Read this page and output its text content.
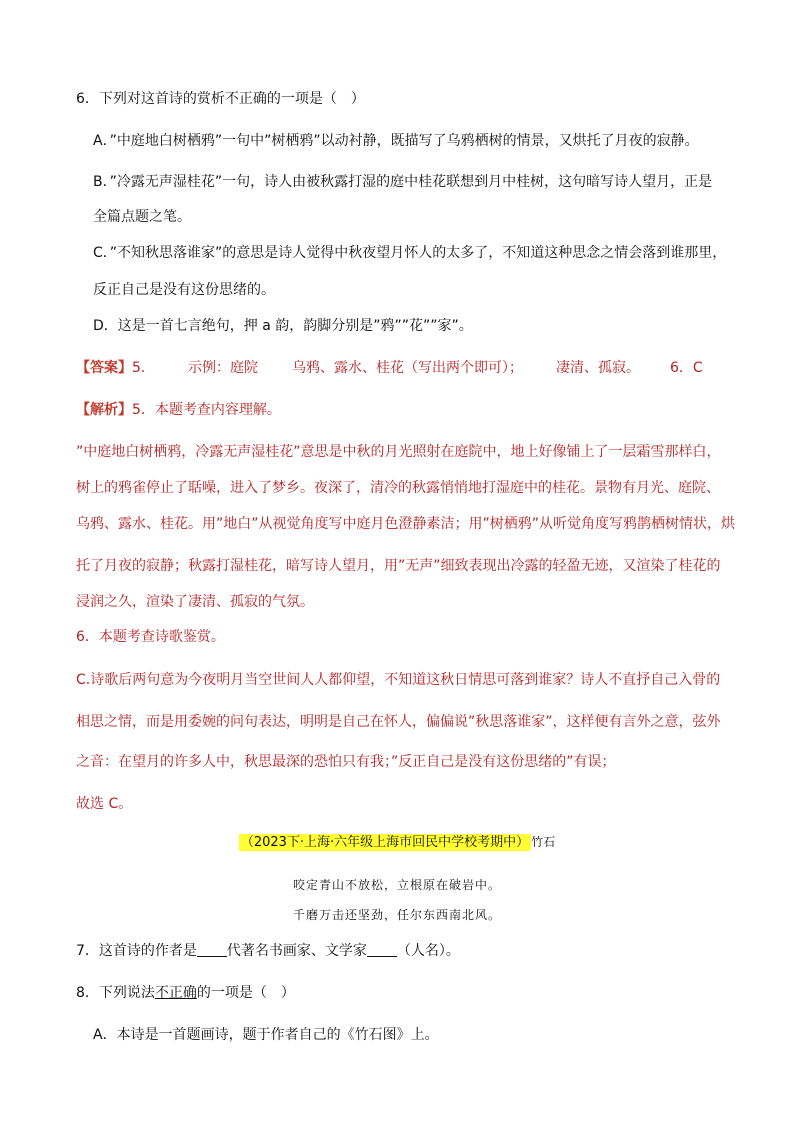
6．下列对这首诗的赏析不正确的一项是（　）
A．”中庭地白树栖鸦”一句中”树栖鸦”以动衬静，既描写了乌鸦栖树的情景，又烘托了月夜的寂静。
B．”冷露无声湿桂花”一句，诗人由被秋露打湿的庭中桂花联想到月中桂树，这句暗写诗人望月，正是
全篇点题之笔。
C．”不知秋思落谁家”的意思是诗人觉得中秋夜望月怀人的太多了，不知道这种思念之情会落到谁那里，
反正自己是没有这份思绪的。
D．这是一首七言绝句，押 a 韵，韵脚分别是”鸦””花””家”。
【答案】5.	示例：庭院 乌鸦、露水、桂花（写出两个即可）； 凄清、孤寂。 6．C
【解析】5．本题考查内容理解。
”中庭地白树栖鸦，冷露无声湿桂花”意思是中秋的月光照射在庭院中，地上好像铺上了一层霜雪那样白，
树上的鸦雀停止了聒噪，进入了梦乡。夜深了，清冷的秋露悄悄地打湿庭中的桂花。景物有月光、庭院、
乌鸦、露水、桂花。用”地白”从视觉角度写中庭月色澄静素洁；用”树栖鸦”从听觉角度写鸦鹊栖树情状，烘
托了月夜的寂静；秋露打湿桂花，暗写诗人望月，用”无声”细致表现出冷露的轻盈无迹，又渲染了桂花的
浸润之久，渲染了凄清、孤寂的气氛。
6．本题考查诗歌鉴赏。
C.诗歌后两句意为今夜明月当空世间人人都仰望，不知道这秋日情思可落到谁家？诗人不直抒自己入骨的
相思之情，而是用委婉的问句表达，明明是自己在怀人，偏偏说”秋思落谁家”，这样便有言外之意，弦外
之音：在望月的许多人中，秋思最深的恐怕只有我；”反正自己是没有这份思绪的”有误；
故选 C。
（2023下·上海·六年级上海市回民中学校考期中） 竹石
咬定青山不放松，立根原在破岩中。
千磨万击还坚劲，任尔东西南北风。
7．这首诗的作者是 代著名书画家、文学家 （人名）。
8．下列说法不正确的一项是（　）
A．本诗是一首题画诗，题于作者自己的《竹石图》上。
